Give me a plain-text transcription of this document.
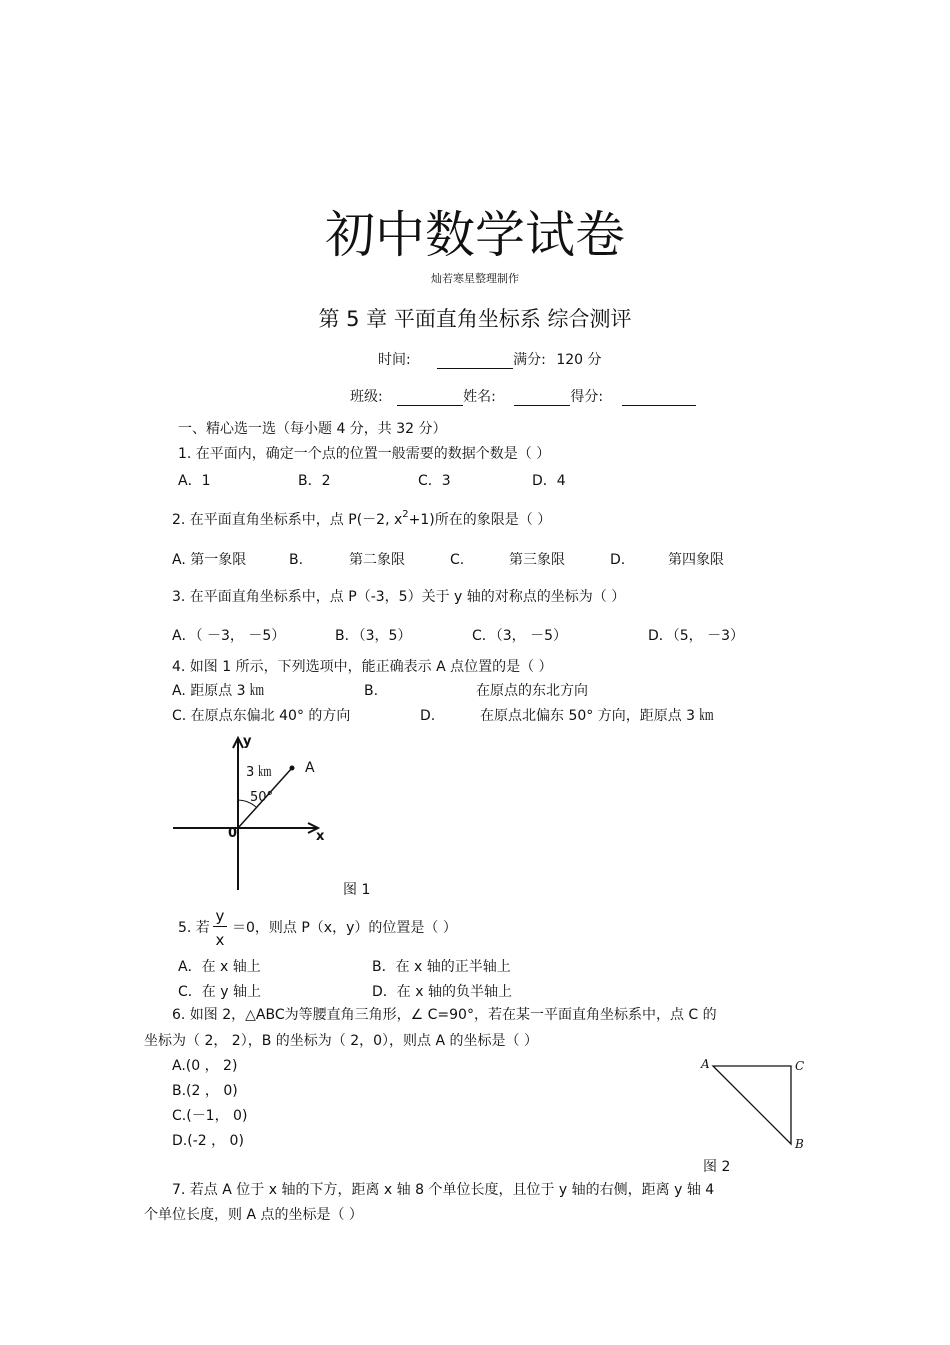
初中数学试卷
灿若寒星整理制作
第 5 章 平面直角坐标系 综合测评
时间:	满分: 120 分
班级:	姓名:	得分:
一、精心选一选（每小题 4 分，共 32 分）
1. 在平面内，确定一个点的位置一般需要的数据个数是（ ）
A．1	B．2	C．3	D．4
2. 在平面直角坐标系中，点 P(－2, $x^2+1$)所在的象限是（ ）
A. 第一象限	B.	第二象限	C.	第三象限	D.	第四象限
3. 在平面直角坐标系中，点 P（-3，5）关于 y 轴的对称点的坐标为（ ）
A．（ －3， －5）	B．（3，5）	C．（3， －5）	D．（5， －3）
4. 如图 1 所示，下列选项中，能正确表示 A 点位置的是（ ）
A. 距原点 3 ㎞	B.	在原点的东北方向
C. 在原点东偏北 40° 的方向	D.	在原点北偏东 50° 方向，距原点 3 ㎞
y
x
0
3 ㎞ A
50°
图 1
5. 若
y
x
＝0，则点 P（x，y）的位置是（ ）
A．在 x 轴上	B．在 x 轴的正半轴上
C．在 y 轴上	D．在 x 轴的负半轴上
6. 如图 2，△ABC为等腰直角三角形，∠ C=90°，若在某一平面直角坐标系中，点 C 的
坐标为（ 2， 2），B 的坐标为（ 2，0），则点 A 的坐标是（ ）
A.(0 ， 2)
B.(2 ， 0)
C.(－1， 0)
D.(-2 ， 0)
A	C
B
图 2
7. 若点 A 位于 x 轴的下方，距离 x 轴 8 个单位长度，且位于 y 轴的右侧，距离 y 轴 4
个单位长度，则 A 点的坐标是（ ）
